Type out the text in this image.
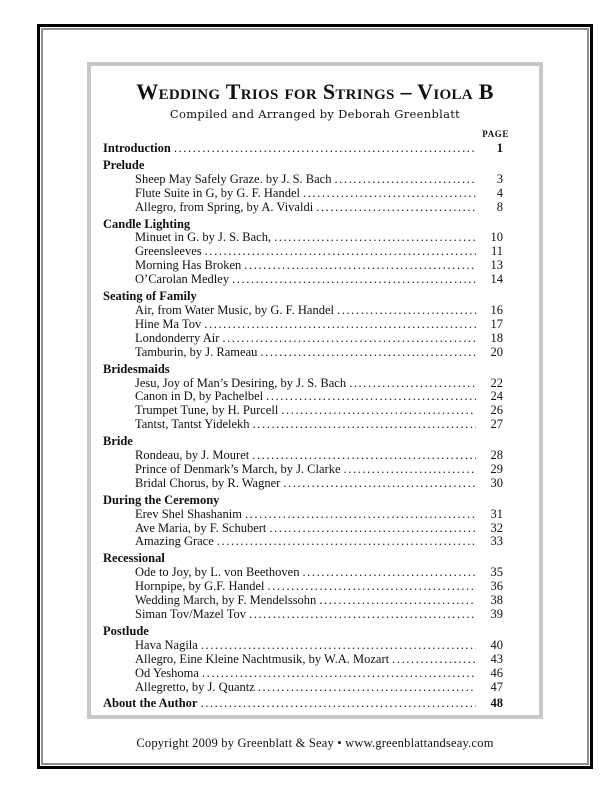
Wedding Trios for Strings – Viola B
Compiled and Arranged by Deborah Greenblatt
PAGE
Introduction .....	1
Prelude
Sheep May Safely Graze. by J. S. Bach .....	3
Flute Suite in G, by G. F. Handel .....	4
Allegro, from Spring, by A. Vivaldi .....	8
Candle Lighting
Minuet in G. by J. S. Bach, .....	10
Greensleeves .....	11
Morning Has Broken .....	13
O’Carolan Medley .....	14
Seating of Family
Air, from Water Music, by G. F. Handel .....	16
Hine Ma Tov .....	17
Londonderry Air .....	18
Tamburin, by J. Rameau .....	20
Bridesmaids
Jesu, Joy of Man’s Desiring, by J. S. Bach .....	22
Canon in D, by Pachelbel .....	24
Trumpet Tune, by H. Purcell .....	26
Tantst, Tantst Yidelekh .....	27
Bride
Rondeau, by J. Mouret .....	28
Prince of Denmark’s March, by J. Clarke .....	29
Bridal Chorus, by R. Wagner .....	30
During the Ceremony
Erev Shel Shashanim .....	31
Ave Maria, by F. Schubert .....	32
Amazing Grace .....	33
Recessional
Ode to Joy, by L. von Beethoven .....	35
Hornpipe, by G.F. Handel .....	36
Wedding March, by F. Mendelssohn .....	38
Siman Tov/Mazel Tov .....	39
Postlude
Hava Nagila .....	40
Allegro, Eine Kleine Nachtmusik, by W.A. Mozart .....	43
Od Yeshoma .....	46
Allegretto, by J. Quantz .....	47
About the Author .....	48
Copyright 2009 by Greenblatt & Seay • www.greenblattandseay.com
